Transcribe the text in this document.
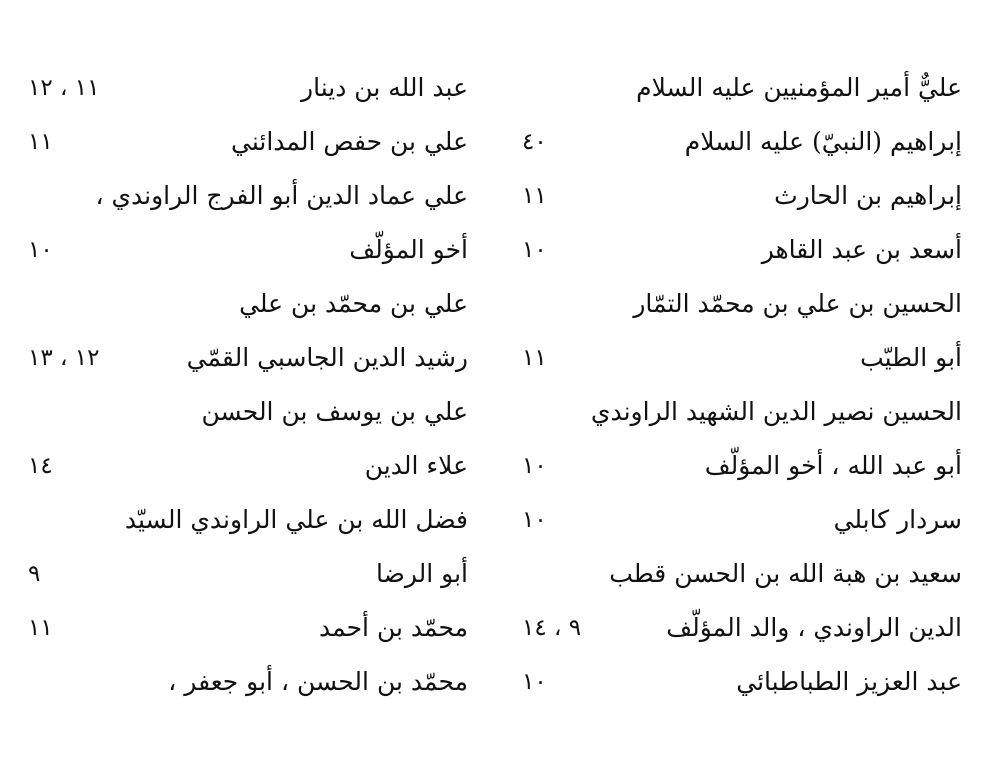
عليٌّ أمير المؤمنيين عليه السلام
إبراهيم (النبيّ) عليه السلام
٤٠
إبراهيم بن الحارث
١١
أسعد بن عبد القاهر
١٠
الحسين بن علي بن محمّد التمّار
أبو الطيّب
١١
الحسين نصير الدين الشهيد الراوندي
أبو عبد الله ، أخو المؤلّف
١٠
سردار كابلي
١٠
سعيد بن هبة الله بن الحسن قطب
الدين الراوندي ، والد المؤلّف
٩ ، ١٤
عبد العزيز الطباطبائي
١٠
عبد الله بن دينار
١١ ، ١٢
علي بن حفص المدائني
١١
علي عماد الدين أبو الفرج الراوندي ،
أخو المؤلّف
١٠
علي بن محمّد بن علي
رشيد الدين الجاسبي القمّي
١٢ ، ١٣
علي بن يوسف بن الحسن
علاء الدين
١٤
فضل الله بن علي الراوندي السيّد
أبو الرضا
٩
محمّد بن أحمد
١١
محمّد بن الحسن ، أبو جعفر ،
